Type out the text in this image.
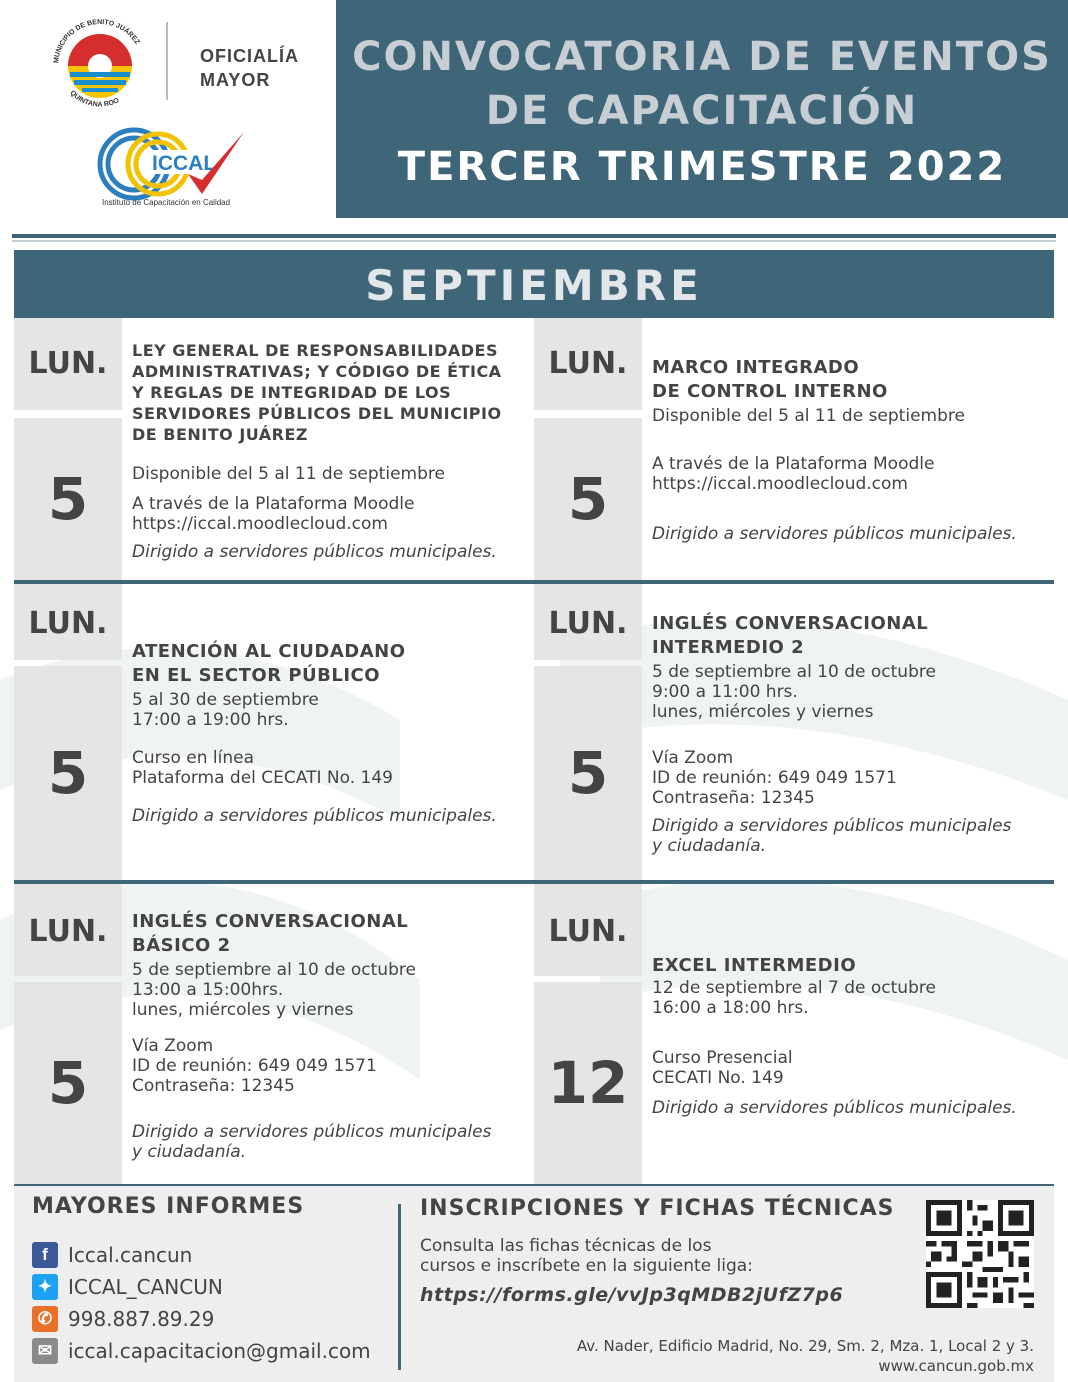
MUNICIPIO DE BENITO JUÁREZ
QUINTANA ROO
OFICIALÍA
MAYOR
ICCAL
Instituto de Capacitación en Calidad
CONVOCATORIA DE EVENTOS
DE CAPACITACIÓN
TERCER TRIMESTRE 2022
SEPTIEMBRE
LUN.
5
LEY GENERAL DE RESPONSABILIDADES
ADMINISTRATIVAS; Y CÓDIGO DE ÉTICA
Y REGLAS DE INTEGRIDAD DE LOS
SERVIDORES PÚBLICOS DEL MUNICIPIO
DE BENITO JUÁREZ
Disponible del 5 al 11 de septiembre
A través de la Plataforma Moodle
https://iccal.moodlecloud.com
Dirigido a servidores públicos municipales.
LUN.
5
MARCO INTEGRADO
DE CONTROL INTERNO
Disponible del 5 al 11 de septiembre
A través de la Plataforma Moodle
https://iccal.moodlecloud.com
Dirigido a servidores públicos municipales.
LUN.
5
ATENCIÓN AL CIUDADANO
EN EL SECTOR PÚBLICO
5 al 30 de septiembre
17:00 a 19:00 hrs.
Curso en línea
Plataforma del CECATI No. 149
Dirigido a servidores públicos municipales.
LUN.
5
INGLÉS CONVERSACIONAL
INTERMEDIO 2
5 de septiembre al 10 de octubre
9:00 a 11:00 hrs.
lunes, miércoles y viernes
Vía Zoom
ID de reunión: 649 049 1571
Contraseña: 12345
Dirigido a servidores públicos municipales
y ciudadanía.
LUN.
5
INGLÉS CONVERSACIONAL
BÁSICO 2
5 de septiembre al 10 de octubre
13:00 a 15:00hrs.
lunes, miércoles y viernes
Vía Zoom
ID de reunión: 649 049 1571
Contraseña: 12345
Dirigido a servidores públicos municipales
y ciudadanía.
LUN.
12
EXCEL INTERMEDIO
12 de septiembre al 7 de octubre
16:00 a 18:00 hrs.
Curso Presencial
CECATI No. 149
Dirigido a servidores públicos municipales.
MAYORES INFORMES
f	Iccal.cancun
✦ ICCAL_CANCUN
✆ 998.887.89.29
✉ iccal.capacitacion@gmail.com
INSCRIPCIONES Y FICHAS TÉCNICAS
Consulta las fichas técnicas de los
cursos e inscríbete en la siguiente liga:
https://forms.gle/vvJp3qMDB2jUfZ7p6
Av. Nader, Edificio Madrid, No. 29, Sm. 2, Mza. 1, Local 2 y 3.
www.cancun.gob.mx
